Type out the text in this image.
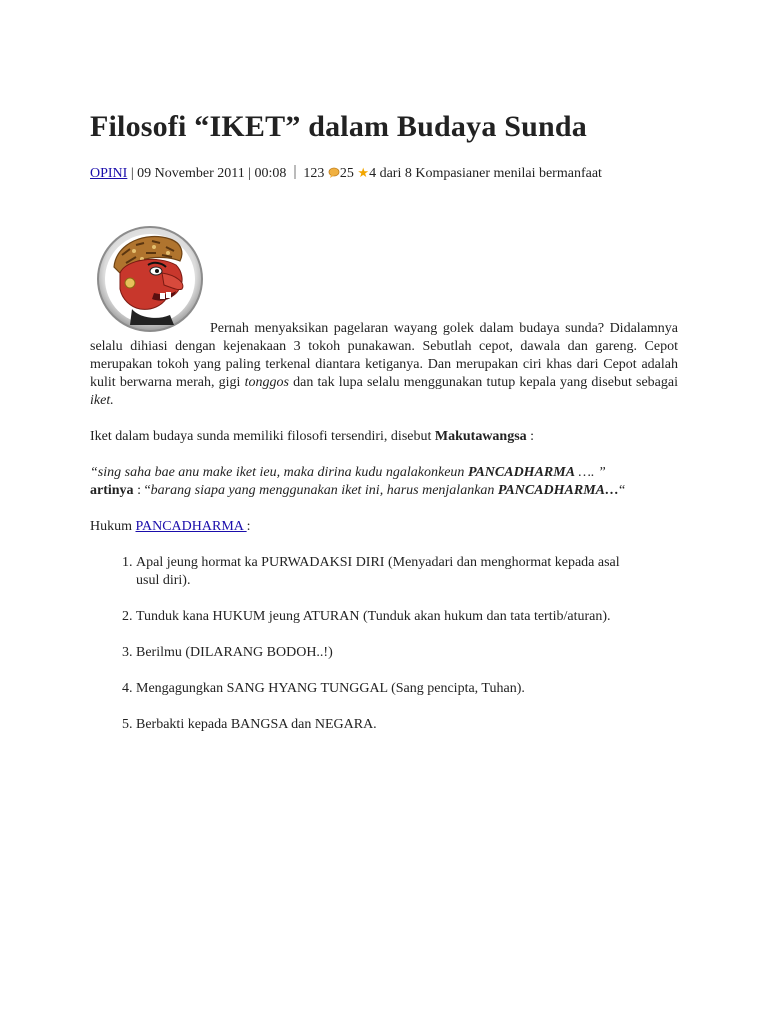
Filosofi “IKET” dalam Budaya Sunda
OPINI | 09 November 2011 | 00:08  123 25 ★4 dari 8 Kompasianer menilai bermanfaat

Pernah menyaksikan pagelaran wayang golek dalam budaya sunda? Didalamnya selalu dihiasi dengan kejenakaan 3 tokoh punakawan. Sebutlah cepot, dawala dan gareng. Cepot merupakan tokoh yang paling terkenal diantara ketiganya. Dan merupakan ciri khas dari Cepot adalah kulit berwarna merah, gigi tonggos dan tak lupa selalu menggunakan tutup kepala yang disebut sebagai iket.

Iket dalam budaya sunda memiliki filosofi tersendiri, disebut Makutawangsa :

“sing saha bae anu make iket ieu, maka dirina kudu ngalakonkeun PANCADHARMA …. ”
artinya : “barang siapa yang menggunakan iket ini, harus menjalankan PANCADHARMA…“

Hukum PANCADHARMA :

1. Apal jeung hormat ka PURWADAKSI DIRI (Menyadari dan menghormat kepada asal usul diri).
2. Tunduk kana HUKUM jeung ATURAN (Tunduk akan hukum dan tata tertib/aturan).
3. Berilmu (DILARANG BODOH..!)
4. Mengagungkan SANG HYANG TUNGGAL (Sang pencipta, Tuhan).
5. Berbakti kepada BANGSA dan NEGARA.
